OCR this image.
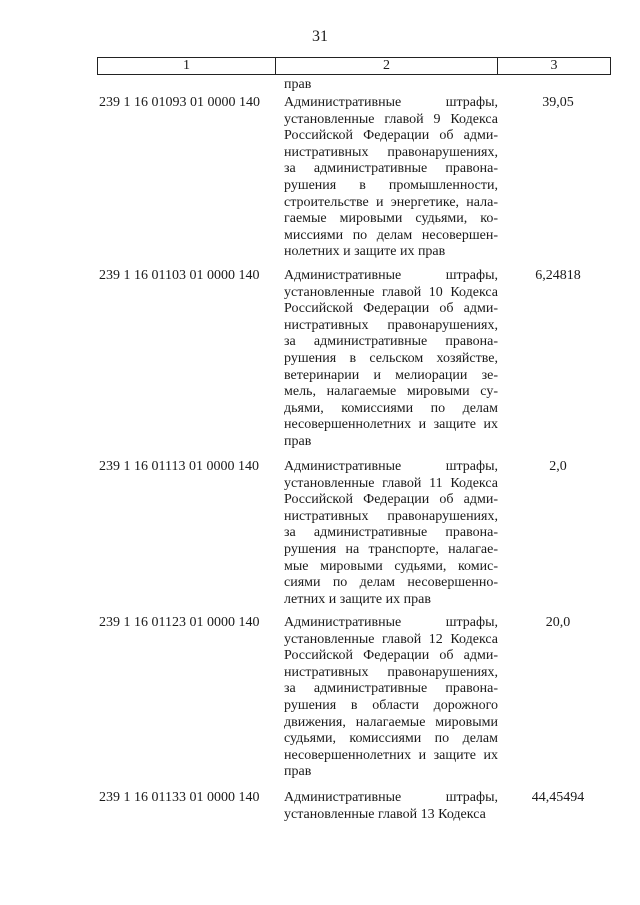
31
1	2	3
прав
239 1 16 01093 01 0000 140 Административные штрафы,
установленные главой 9 Кодекса
Российской Федерации об адми-
нистративных правонарушениях,
за административные правона-
рушения в промышленности,
строительстве и энергетике, нала-
гаемые мировыми судьями, ко-
миссиями по делам несовершен-
нолетних и защите их прав
39,05
239 1 16 01103 01 0000 140 Административные штрафы,
установленные главой 10 Кодекса
Российской Федерации об адми-
нистративных правонарушениях,
за административные правона-
рушения в сельском хозяйстве,
ветеринарии и мелиорации зе-
мель, налагаемые мировыми су-
дьями, комиссиями по делам
несовершеннолетних и защите их
прав
6,24818
239 1 16 01113 01 0000 140 Административные штрафы,
установленные главой 11 Кодекса
Российской Федерации об адми-
нистративных правонарушениях,
за административные правона-
рушения на транспорте, налагае-
мые мировыми судьями, комис-
сиями по делам несовершенно-
летних и защите их прав
2,0
239 1 16 01123 01 0000 140 Административные штрафы,
установленные главой 12 Кодекса
Российской Федерации об адми-
нистративных правонарушениях,
за административные правона-
рушения в области дорожного
движения, налагаемые мировыми
судьями, комиссиями по делам
несовершеннолетних и защите их
прав
20,0
239 1 16 01133 01 0000 140 Административные штрафы,
установленные главой 13 Кодекса
44,45494
